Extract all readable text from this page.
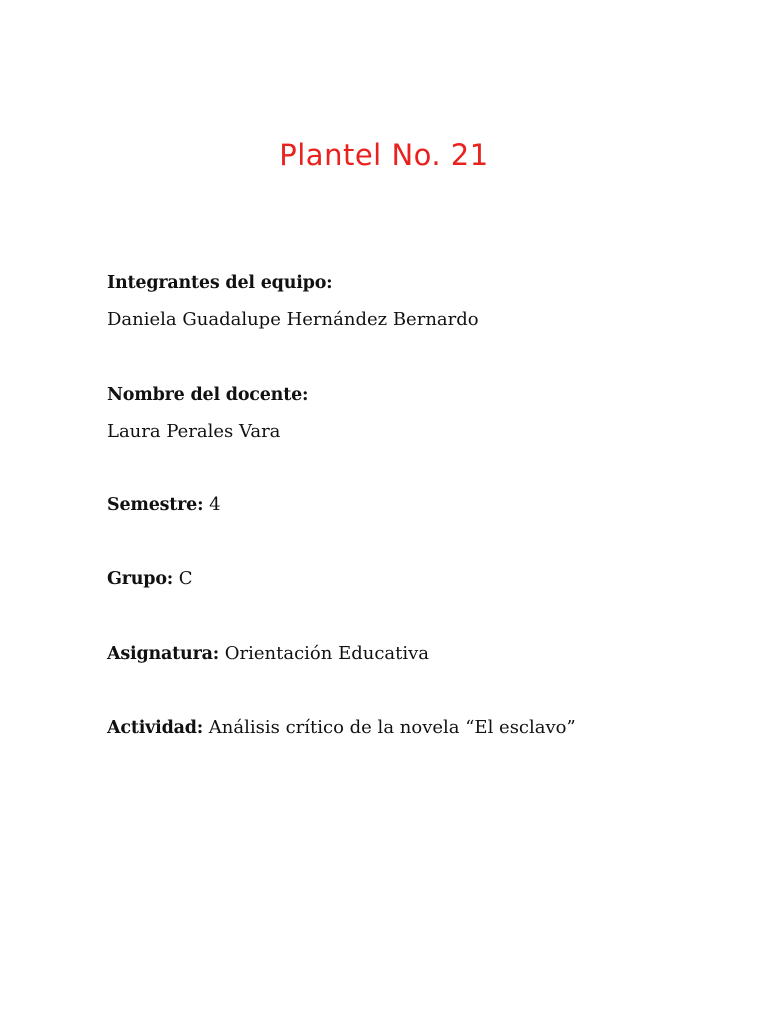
Plantel No. 21
Integrantes del equipo:
Daniela Guadalupe Hernández Bernardo
Nombre del docente:
Laura Perales Vara
Semestre: 4
Grupo: C
Asignatura: Orientación Educativa
Actividad: Análisis crítico de la novela “El esclavo”
